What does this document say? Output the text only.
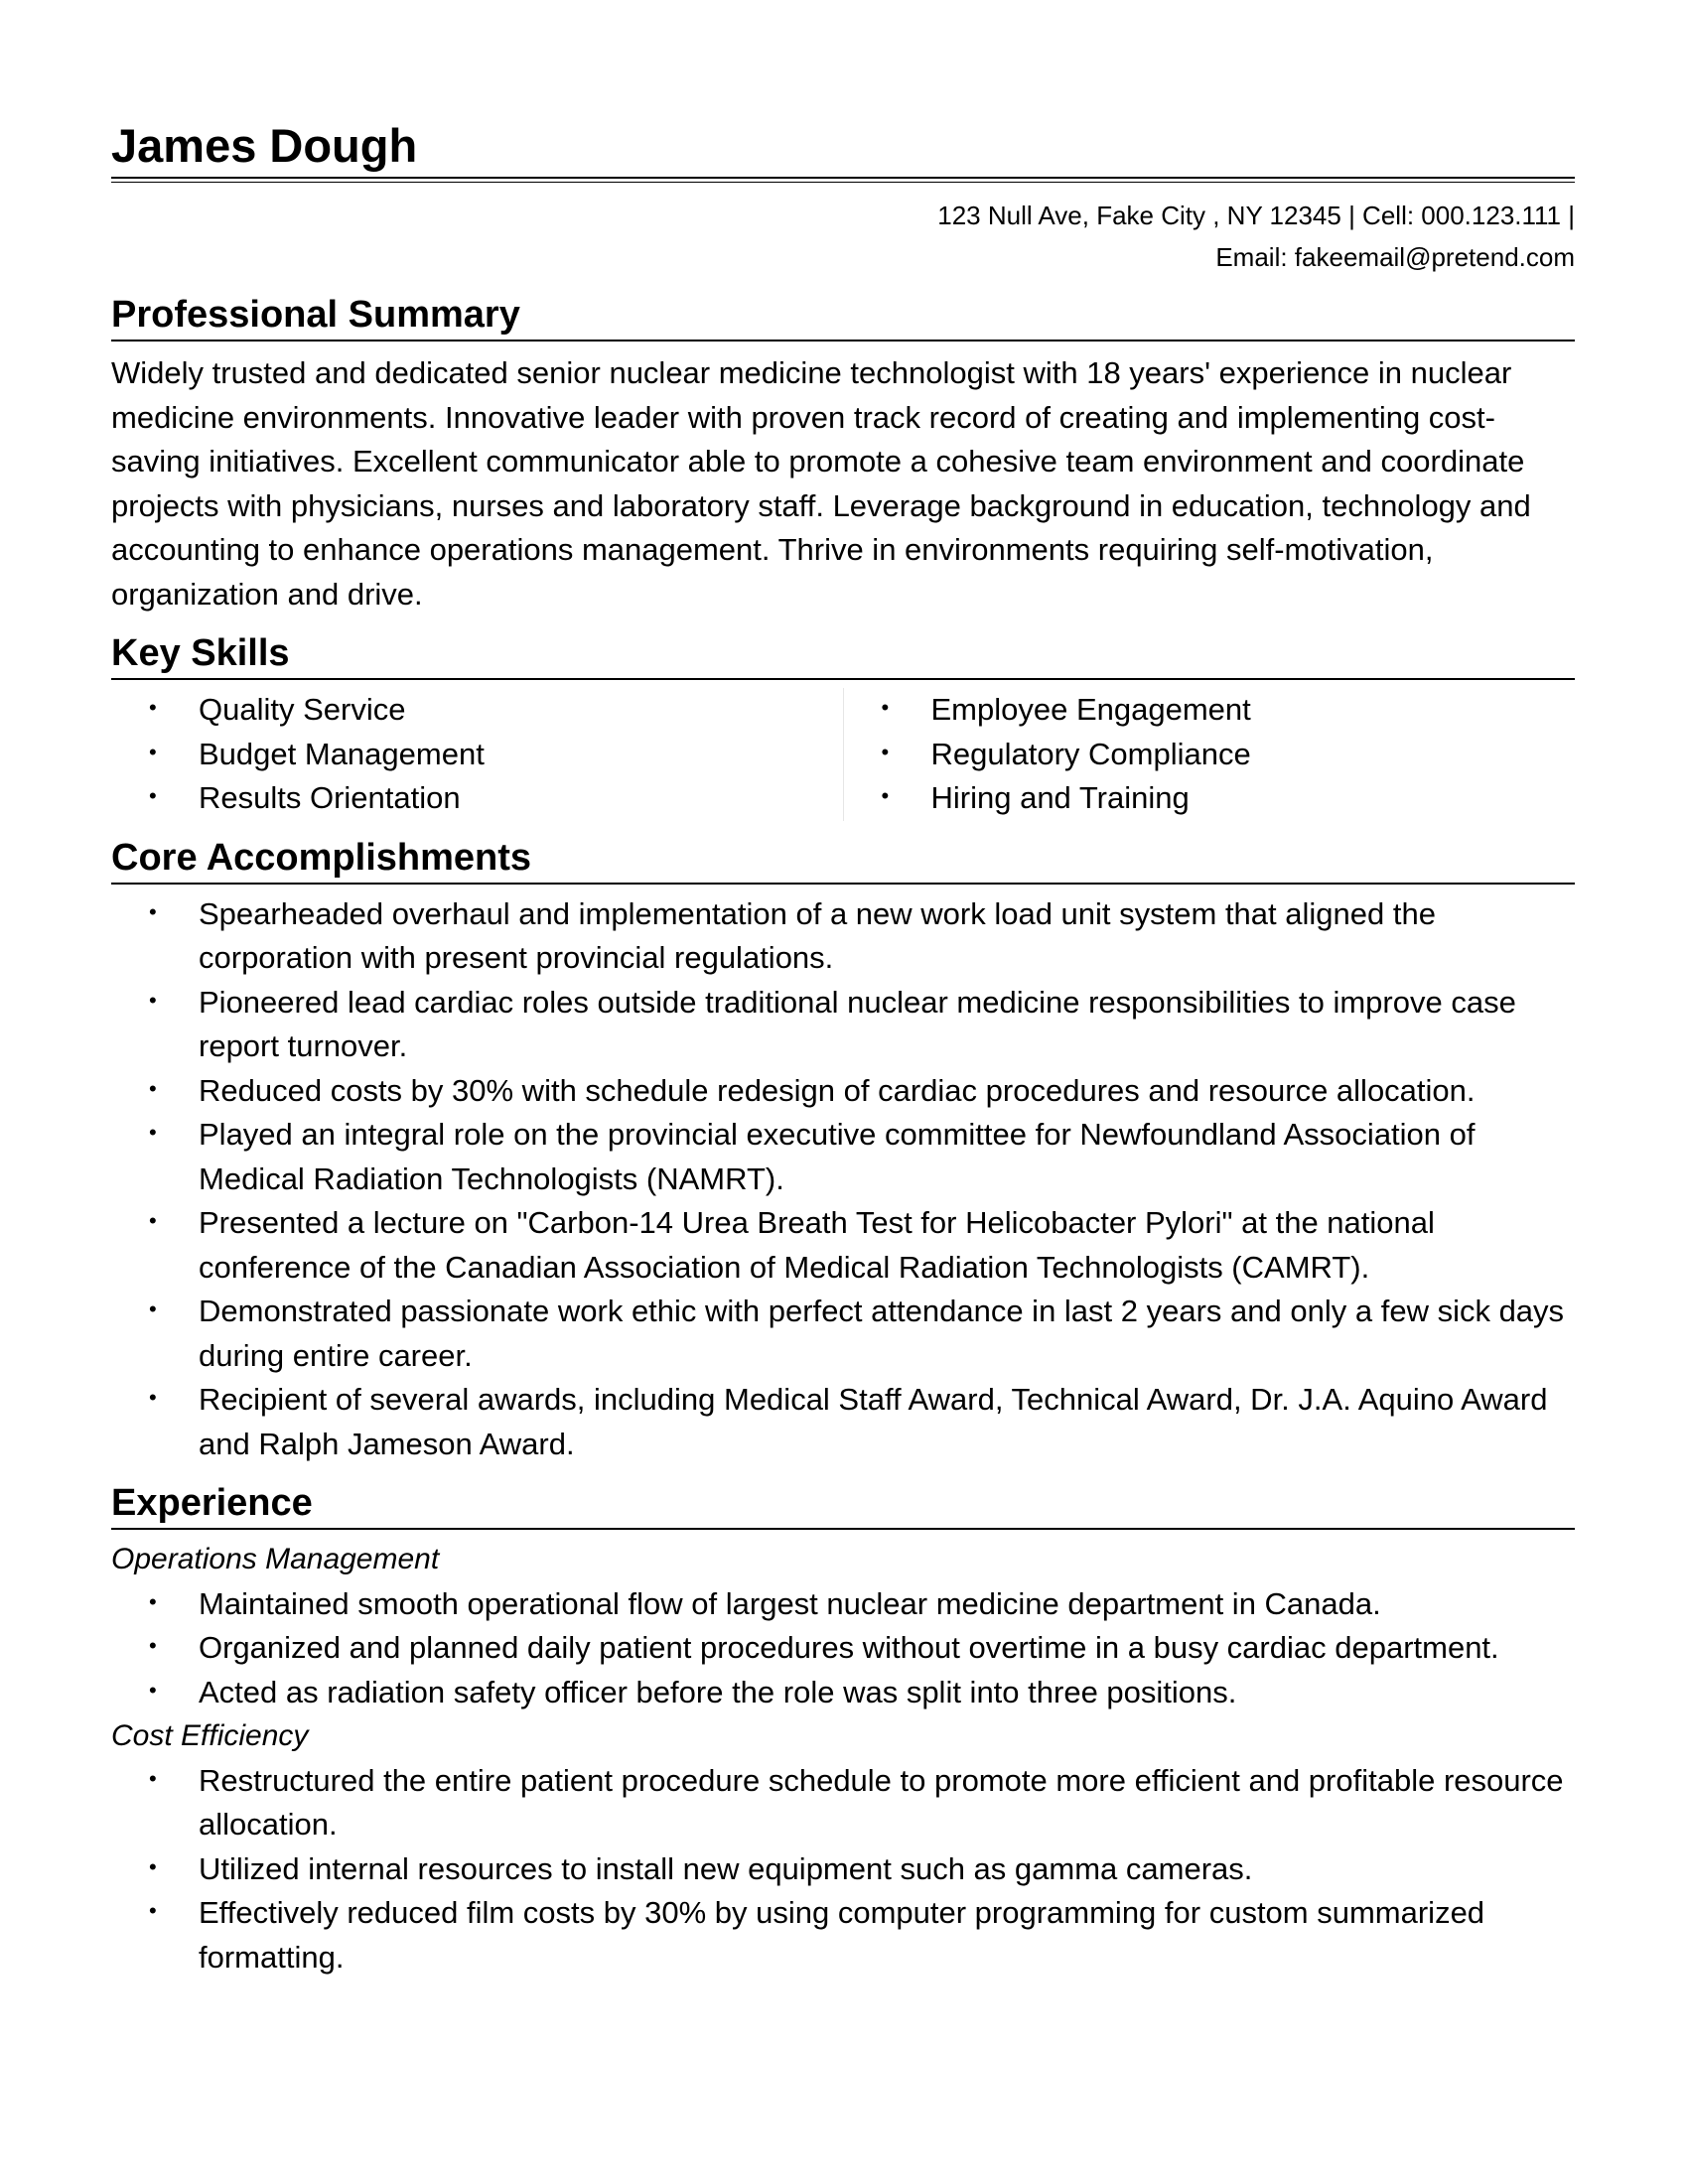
James Dough
123 Null Ave, Fake City , NY 12345 | Cell: 000.123.111 |
Email: fakeemail@pretend.com
Professional Summary

Widely trusted and dedicated senior nuclear medicine technologist with 18 years' experience in nuclear medicine environments. Innovative leader with proven track record of creating and implementing cost-saving initiatives. Excellent communicator able to promote a cohesive team environment and coordinate projects with physicians, nurses and laboratory staff. Leverage background in education, technology and accounting to enhance operations management. Thrive in environments requiring self-motivation, organization and drive.

Key Skills
• Quality Service
• Budget Management
• Results Orientation
• Employee Engagement
• Regulatory Compliance
• Hiring and Training
Core Accomplishments
• Spearheaded overhaul and implementation of a new work load unit system that aligned the corporation with present provincial regulations.
• Pioneered lead cardiac roles outside traditional nuclear medicine responsibilities to improve case report turnover.
• Reduced costs by 30% with schedule redesign of cardiac procedures and resource allocation.
• Played an integral role on the provincial executive committee for Newfoundland Association of Medical Radiation Technologists (NAMRT).
• Presented a lecture on "Carbon-14 Urea Breath Test for Helicobacter Pylori" at the national conference of the Canadian Association of Medical Radiation Technologists (CAMRT).
• Demonstrated passionate work ethic with perfect attendance in last 2 years and only a few sick days during entire career.
• Recipient of several awards, including Medical Staff Award, Technical Award, Dr. J.A. Aquino Award and Ralph Jameson Award.
Experience

Operations Management

• Maintained smooth operational flow of largest nuclear medicine department in Canada.
• Organized and planned daily patient procedures without overtime in a busy cardiac department.
• Acted as radiation safety officer before the role was split into three positions.

Cost Efficiency

• Restructured the entire patient procedure schedule to promote more efficient and profitable resource allocation.
• Utilized internal resources to install new equipment such as gamma cameras.
• Effectively reduced film costs by 30% by using computer programming for custom summarized formatting.
